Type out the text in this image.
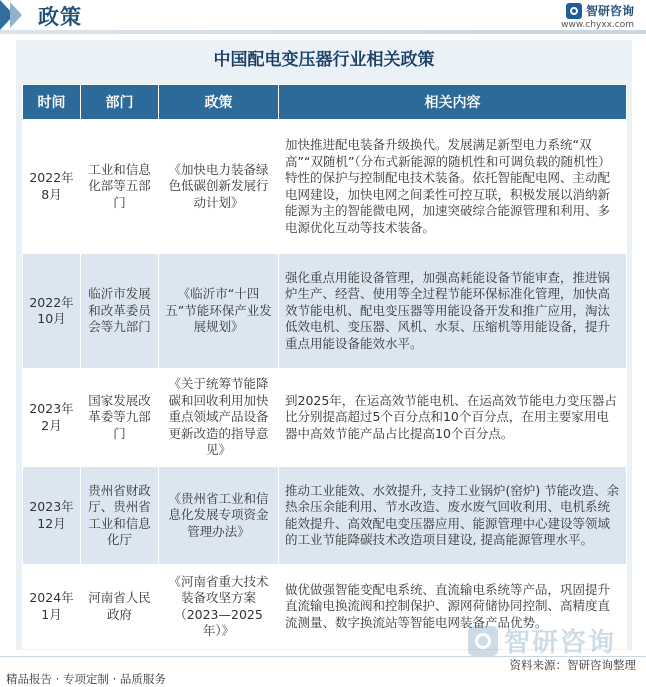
政策	智研咨询
www.chyxx.com
中国配电变压器行业相关政策
时间	部门	政策	相关内容
2022年8月	工业和信息化部等五部门	《加快电力装备绿色低碳创新发展行动计划》	加快推进配电装备升级换代。发展满足新型电力系统“双高”“双随机”（分布式新能源的随机性和可调负载的随机性）特性的保护与控制配电技术装备。依托智能配电网、主动配电网建设，加快电网之间柔性可控互联，积极发展以消纳新能源为主的智能微电网，加速突破综合能源管理和利用、多电源优化互动等技术装备。
2022年10月	临沂市发展和改革委员会等九部门	《临沂市“十四五”节能环保产业发展规划》	强化重点用能设备管理，加强高耗能设备节能审查，推进锅炉生产、经营、使用等全过程节能环保标准化管理，加快高效节能电机、配电变压器等用能设备开发和推广应用，淘汰低效电机、变压器、风机、水泵、压缩机等用能设备，提升重点用能设备能效水平。
2023年2月	国家发展改革委等九部门	《关于统筹节能降碳和回收利用加快重点领域产品设备更新改造的指导意见》	到2025年，在运高效节能电机、在运高效节能电力变压器占比分别提高超过5个百分点和10个百分点，在用主要家用电器中高效节能产品占比提高10个百分点。
2023年12月	贵州省财政厅、贵州省工业和信息化厅	《贵州省工业和信息化发展专项资金管理办法》	推动工业能效、水效提升, 支持工业锅炉(窑炉) 节能改造、余热余压余能利用、节水改造、废水废气回收利用、电机系统能效提升、高效配电变压器应用、能源管理中心建设等领域的工业节能降碳技术改造项目建设, 提高能源管理水平。
2024年1月	河南省人民政府	《河南省重大技术装备攻坚方案（2023—2025年）》	做优做强智能变配电系统、直流输电系统等产品，巩固提升直流输电换流阀和控制保护、源网荷储协同控制、高精度直流测量、数字换流站等智能电网装备产品优势。
智研咨询
资料来源：智研咨询整理
精品报告 · 专项定制 · 品质服务
